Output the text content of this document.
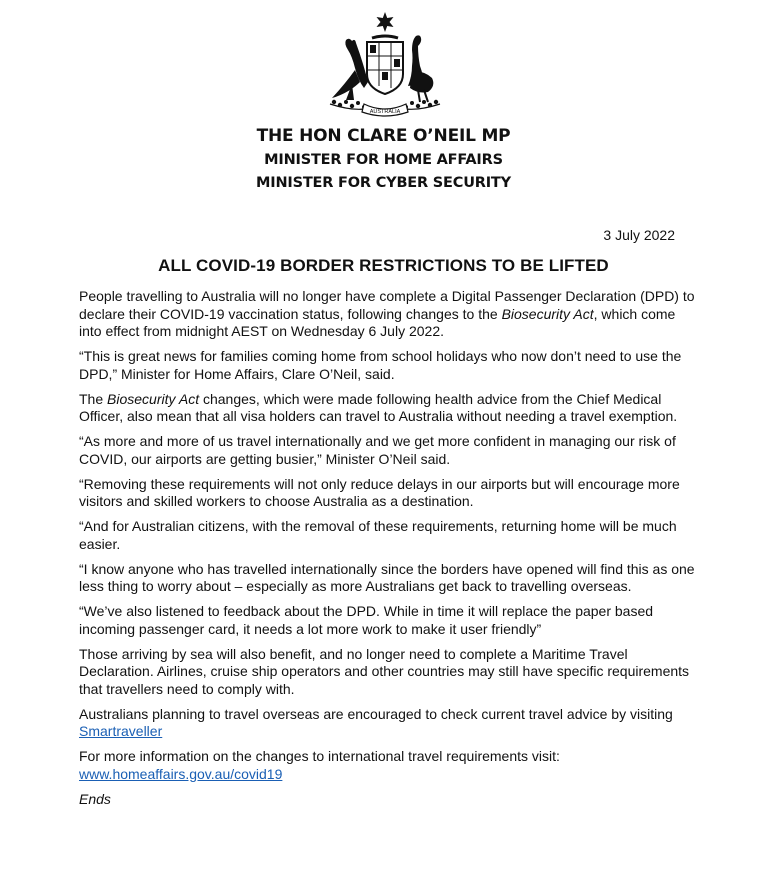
AUSTRALIA
THE HON CLARE O’NEIL MP
MINISTER FOR HOME AFFAIRS
MINISTER FOR CYBER SECURITY
3 July 2022
ALL COVID-19 BORDER RESTRICTIONS TO BE LIFTED

People travelling to Australia will no longer have complete a Digital Passenger Declaration (DPD) to declare their COVID-19 vaccination status, following changes to the Biosecurity Act, which come into effect from midnight AEST on Wednesday 6 July 2022.

“This is great news for families coming home from school holidays who now don’t need to use the DPD,” Minister for Home Affairs, Clare O’Neil, said.

The Biosecurity Act changes, which were made following health advice from the Chief Medical Officer, also mean that all visa holders can travel to Australia without needing a travel exemption.

“As more and more of us travel internationally and we get more confident in managing our risk of COVID, our airports are getting busier,” Minister O’Neil said.

“Removing these requirements will not only reduce delays in our airports but will encourage more visitors and skilled workers to choose Australia as a destination.

“And for Australian citizens, with the removal of these requirements, returning home will be much easier.

“I know anyone who has travelled internationally since the borders have opened will find this as one less thing to worry about – especially as more Australians get back to travelling overseas.

“We’ve also listened to feedback about the DPD. While in time it will replace the paper based incoming passenger card, it needs a lot more work to make it user friendly”

Those arriving by sea will also benefit, and no longer need to complete a Maritime Travel Declaration. Airlines, cruise ship operators and other countries may still have specific requirements that travellers need to comply with.

Australians planning to travel overseas are encouraged to check current travel advice by visiting Smartraveller

For more information on the changes to international travel requirements visit:
www.homeaffairs.gov.au/covid19

Ends
